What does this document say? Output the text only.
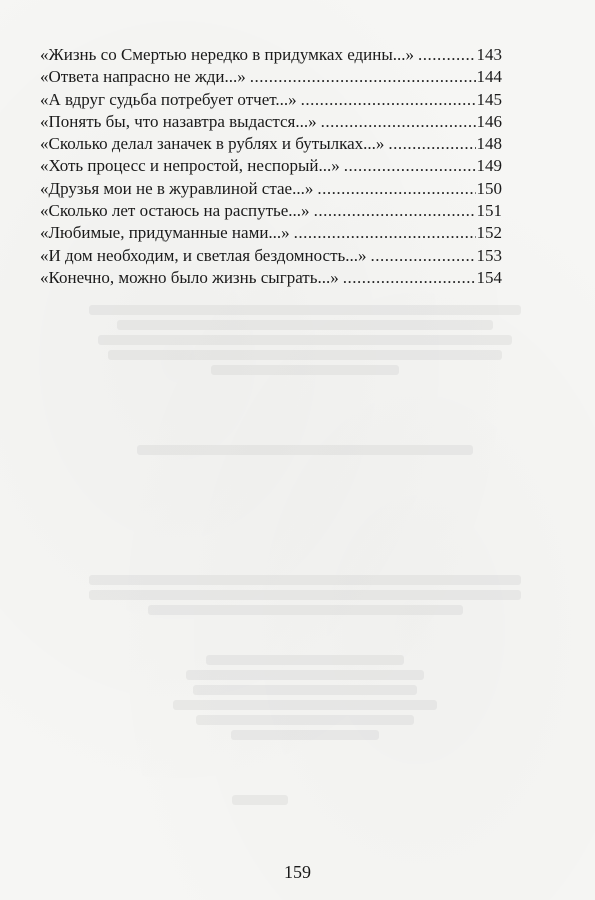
«Жизнь со Смертью нередко в придумках едины...» .....	143
«Ответа напрасно не жди...» .....	144
«А вдруг судьба потребует отчет...» .....	145
«Понять бы, что назавтра выдастся...» .....	146
«Сколько делал заначек в рублях и бутылках...» .....	148
«Хоть процесс и непростой, неспорый...» .....	149
«Друзья мои не в журавлиной стае...» .....	150
«Сколько лет остаюсь на распутье...» .....	151
«Любимые, придуманные нами...» .....	152
«И дом необходим, и светлая бездомность...» .....	153
«Конечно, можно было жизнь сыграть...» .....	154
159
